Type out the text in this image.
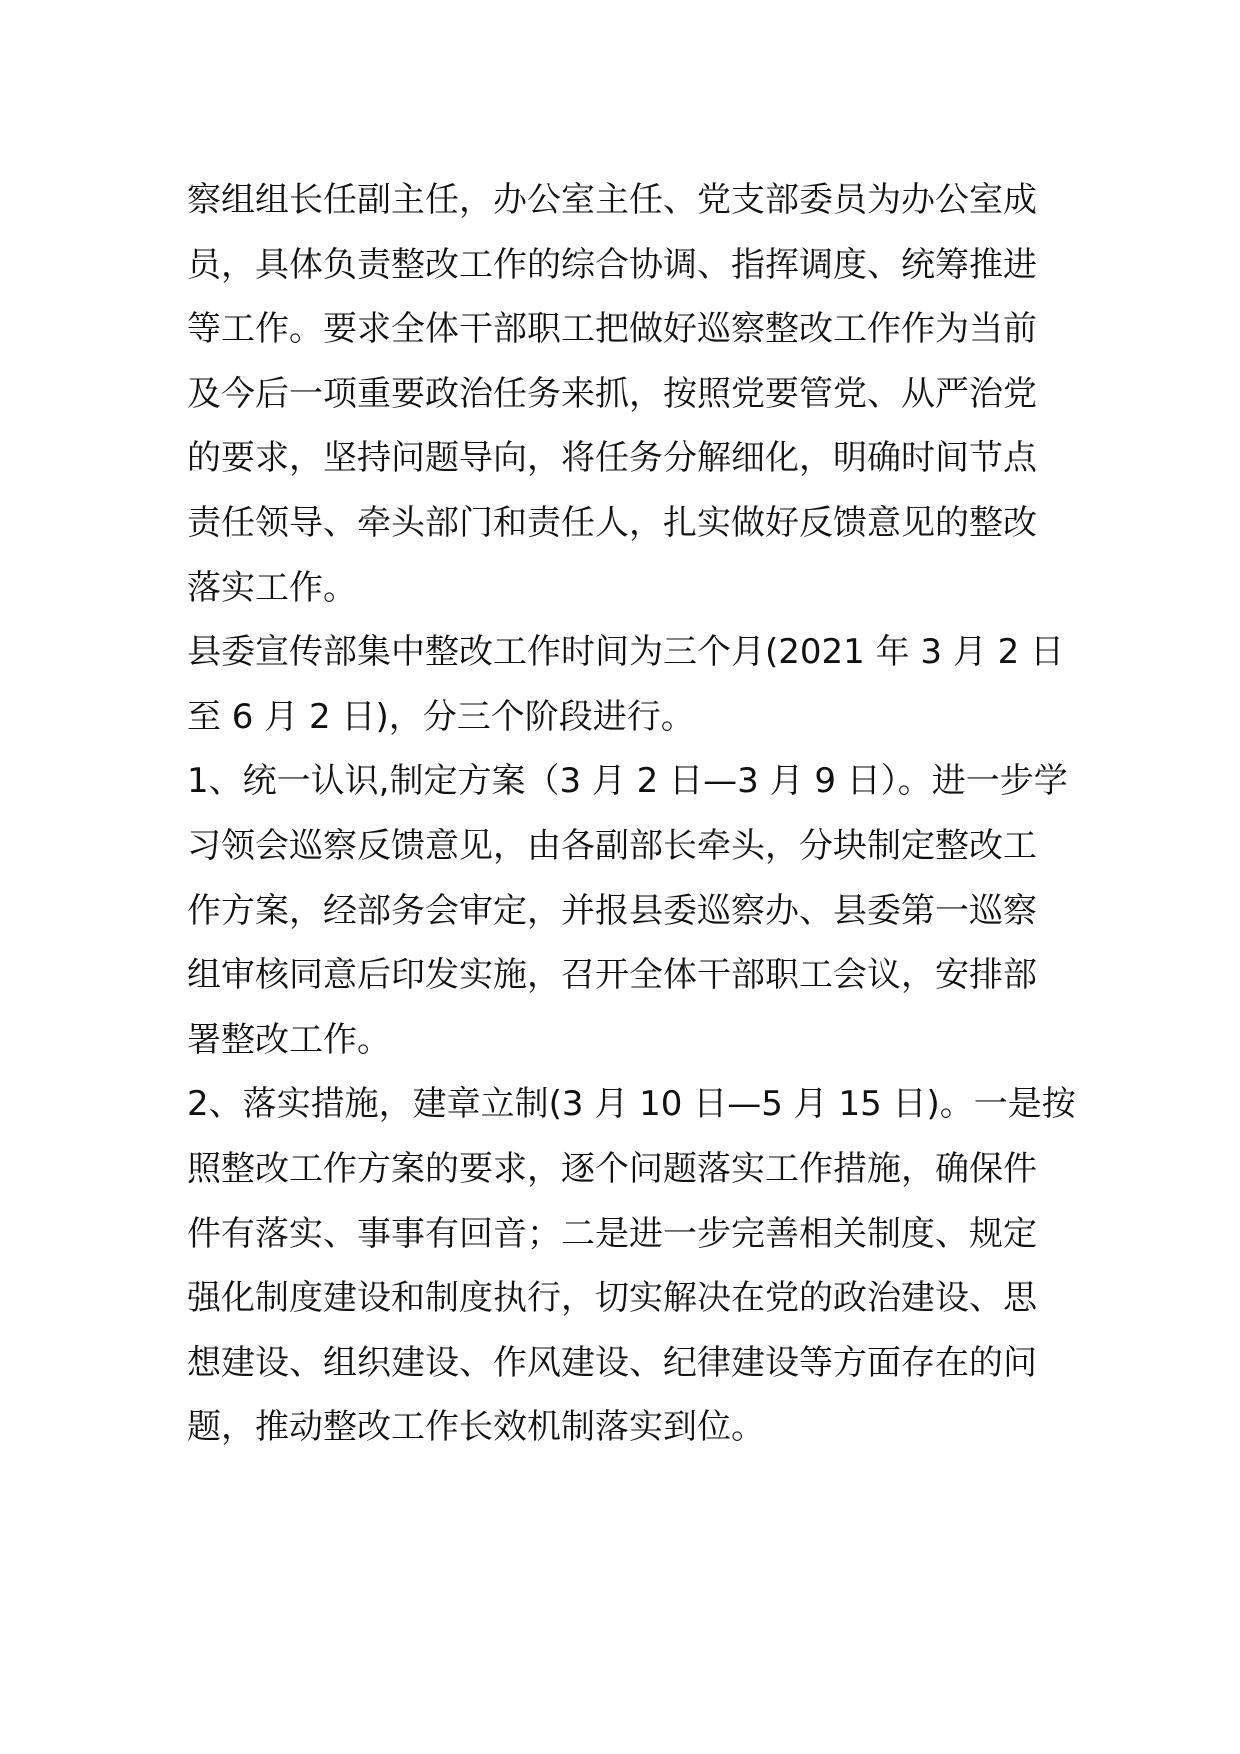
察组组长任副主任，办公室主任、党支部委员为办公室成
员，具体负责整改工作的综合协调、指挥调度、统筹推进
等工作。要求全体干部职工把做好巡察整改工作作为当前
及今后一项重要政治任务来抓，按照党要管党、从严治党
的要求，坚持问题导向，将任务分解细化，明确时间节点
责任领导、牵头部门和责任人，扎实做好反馈意见的整改
落实工作。
县委宣传部集中整改工作时间为三个月(2021 年 3 月 2 日
至 6 月 2 日)，分三个阶段进行。
1、统一认识,制定方案（3 月 2 日—3 月 9 日）。进一步学
习领会巡察反馈意见，由各副部长牵头，分块制定整改工
作方案，经部务会审定，并报县委巡察办、县委第一巡察
组审核同意后印发实施，召开全体干部职工会议，安排部
署整改工作。
2、落实措施，建章立制(3 月 10 日—5 月 15 日)。一是按
照整改工作方案的要求，逐个问题落实工作措施，确保件
件有落实、事事有回音；二是进一步完善相关制度、规定
强化制度建设和制度执行，切实解决在党的政治建设、思
想建设、组织建设、作风建设、纪律建设等方面存在的问
题，推动整改工作长效机制落实到位。
